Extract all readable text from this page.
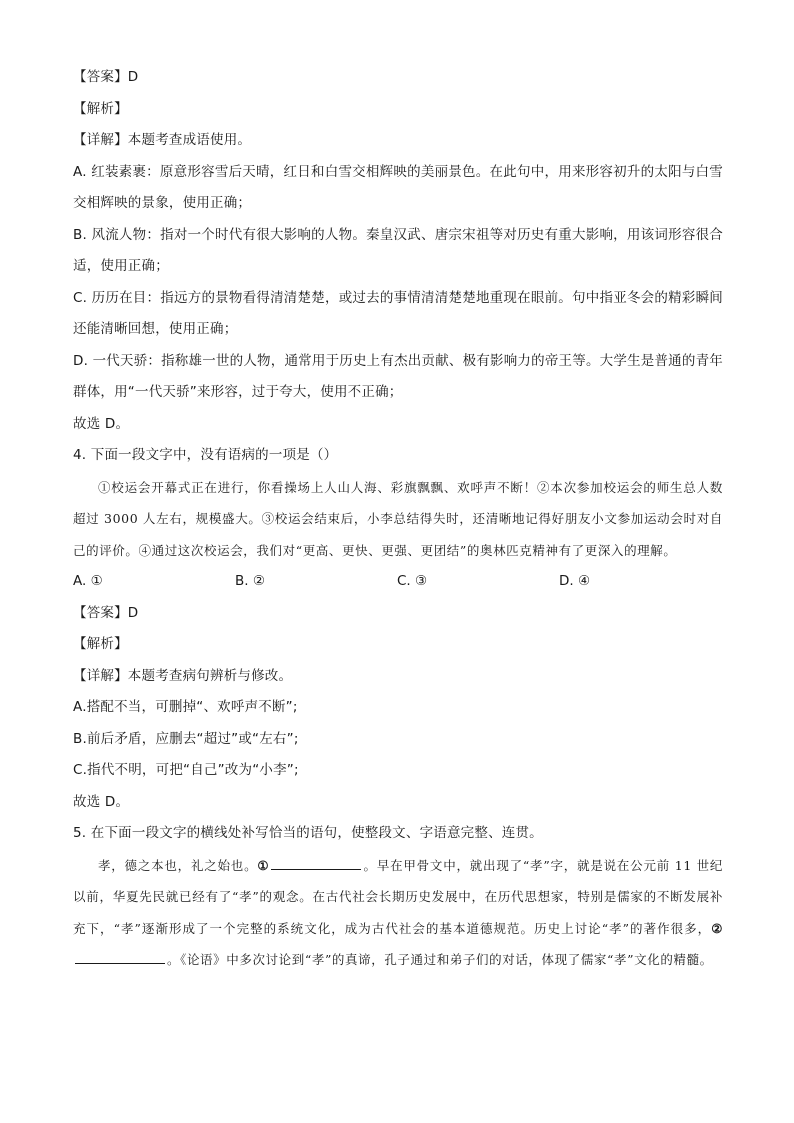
【答案】D
【解析】
【详解】本题考查成语使用。
A. 红装素裹：原意形容雪后天晴，红日和白雪交相辉映的美丽景色。在此句中，用来形容初升的太阳与白雪交相辉映的景象，使用正确；
B. 风流人物：指对一个时代有很大影响的人物。秦皇汉武、唐宗宋祖等对历史有重大影响，用该词形容很合适，使用正确；
C. 历历在目：指远方的景物看得清清楚楚，或过去的事情清清楚楚地重现在眼前。句中指亚冬会的精彩瞬间还能清晰回想，使用正确；
D. 一代天骄：指称雄一世的人物，通常用于历史上有杰出贡献、极有影响力的帝王等。大学生是普通的青年群体，用“一代天骄”来形容，过于夸大，使用不正确；
故选 D。
4. 下面一段文字中，没有语病的一项是（）
①校运会开幕式正在进行，你看操场上人山人海、彩旗飘飘、欢呼声不断！②本次参加校运会的师生总人数超过 3000 人左右，规模盛大。③校运会结束后，小李总结得失时，还清晰地记得好朋友小文参加运动会时对自己的评价。④通过这次校运会，我们对“更高、更快、更强、更团结”的奥林匹克精神有了更深入的理解。
A. ①	B. ②	C. ③	D. ④
【答案】D
【解析】
【详解】本题考查病句辨析与修改。
A.搭配不当，可删掉“、欢呼声不断”;
B.前后矛盾，应删去“超过”或“左右”;
C.指代不明，可把“自己”改为“小李”;
故选 D。
5. 在下面一段文字的横线处补写恰当的语句，使整段文、字语意完整、连贯。
孝，德之本也，礼之始也。①	。早在甲骨文中，就出现了“孝”字，就是说在公元前 11 世纪以前，华夏先民就已经有了“孝”的观念。在古代社会长期历史发展中，在历代思想家，特别是儒家的不断发展补充下，“孝”逐渐形成了一个完整的系统文化，成为古代社会的基本道德规范。历史上讨论“孝”的著作很多，②。《论语》中多次讨论到“孝”的真谛，孔子通过和弟子们的对话，体现了儒家“孝”文化的精髓。
